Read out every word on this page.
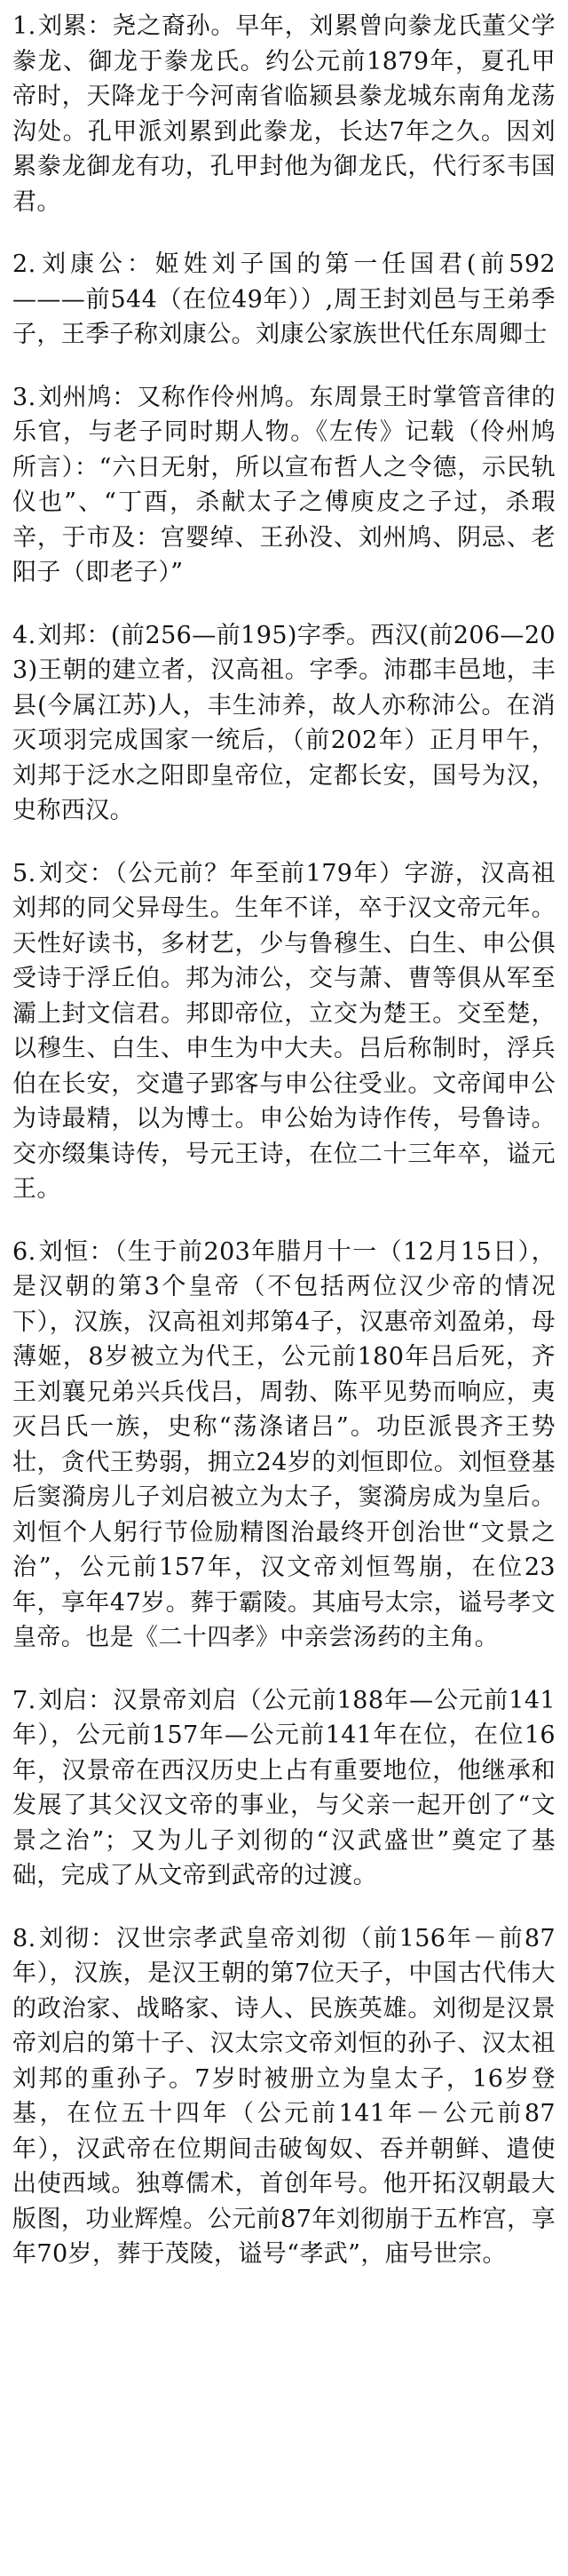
1.刘累：尧之裔孙。早年，刘累曾向豢龙氏董父学豢龙、御龙于豢龙氏。约公元前1879年，夏孔甲帝时，天降龙于今河南省临颍县豢龙城东南角龙荡沟处。孔甲派刘累到此豢龙，长达7年之久。因刘累豢龙御龙有功，孔甲封他为御龙氏，代行豕韦国君。

2.刘康公：姬姓刘子国的第一任国君(前592———前544（在位49年））,周王封刘邑与王弟季子，王季子称刘康公。刘康公家族世代任东周卿士

3.刘州鸠：又称作伶州鸠。东周景王时掌管音律的乐官，与老子同时期人物。《左传》记载（伶州鸠所言）：“六日无射，所以宣布哲人之令德，示民轨仪也”、“丁酉，杀献太子之傅庾皮之子过，杀瑕辛，于市及：宫婴绰、王孙没、刘州鸠、阴忌、老阳子（即老子）”

4.刘邦：(前256—前195)字季。西汉(前206—203)王朝的建立者，汉高祖。字季。沛郡丰邑地，丰县(今属江苏)人，丰生沛养，故人亦称沛公。在消灭项羽完成国家一统后，（前202年）正月甲午，刘邦于泛水之阳即皇帝位，定都长安，国号为汉，史称西汉。

5.刘交：（公元前？年至前179年）字游，汉高祖刘邦的同父异母生。生年不详，卒于汉文帝元年。天性好读书，多材艺，少与鲁穆生、白生、申公俱受诗于浮丘伯。邦为沛公，交与萧、曹等俱从军至灞上封文信君。邦即帝位，立交为楚王。交至楚，以穆生、白生、申生为中大夫。吕后称制时，浮兵伯在长安，交遣子郢客与申公往受业。文帝闻申公为诗最精，以为博士。申公始为诗作传，号鲁诗。交亦缀集诗传，号元王诗，在位二十三年卒，谥元王。

6.刘恒：（生于前203年腊月十一（12月15日），是汉朝的第3个皇帝（不包括两位汉少帝的情况下），汉族，汉高祖刘邦第4子，汉惠帝刘盈弟，母薄姬，8岁被立为代王，公元前180年吕后死，齐王刘襄兄弟兴兵伐吕，周勃、陈平见势而响应，夷灭吕氏一族，史称“荡涤诸吕”。功臣派畏齐王势壮，贪代王势弱，拥立24岁的刘恒即位。刘恒登基后窦漪房儿子刘启被立为太子，窦漪房成为皇后。刘恒个人躬行节俭励精图治最终开创治世“文景之治”，公元前157年，汉文帝刘恒驾崩，在位23年，享年47岁。葬于霸陵。其庙号太宗，谥号孝文皇帝。也是《二十四孝》中亲尝汤药的主角。

7.刘启：汉景帝刘启（公元前188年—公元前141年），公元前157年—公元前141年在位，在位16年，汉景帝在西汉历史上占有重要地位，他继承和发展了其父汉文帝的事业，与父亲一起开创了“文景之治”；又为儿子刘彻的“汉武盛世”奠定了基础，完成了从文帝到武帝的过渡。

8.刘彻：汉世宗孝武皇帝刘彻（前156年－前87年），汉族，是汉王朝的第7位天子，中国古代伟大的政治家、战略家、诗人、民族英雄。刘彻是汉景帝刘启的第十子、汉太宗文帝刘恒的孙子、汉太祖刘邦的重孙子。7岁时被册立为皇太子，16岁登基，在位五十四年（公元前141年－公元前87年），汉武帝在位期间击破匈奴、吞并朝鲜、遣使出使西域。独尊儒术，首创年号。他开拓汉朝最大版图，功业辉煌。公元前87年刘彻崩于五柞宫，享年70岁，葬于茂陵，谥号“孝武”，庙号世宗。
